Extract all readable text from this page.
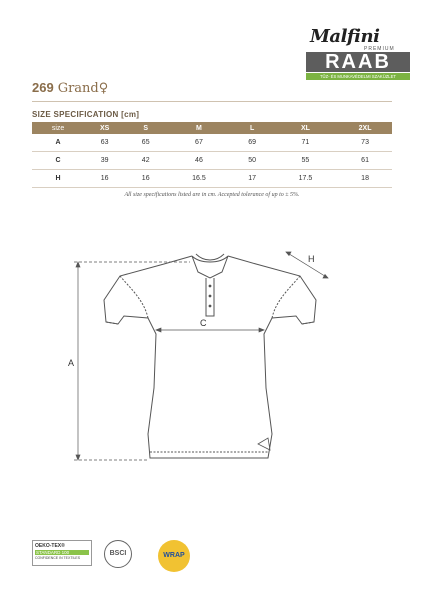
Malfini
PREMIUM
RAAB
TŰZ- ÉS MUNKAVÉDELMI SZAKÜZLET
269 Grand♀
SIZE SPECIFICATION [cm]
size	XS	S	M	L	XL	2XL
A	63	65	67	69	71	73
C	39	42	46	50	55	61
H	16	16	16.5	17	17.5	18
All size specifications listed are in cm. Accepted tolerance of up to ± 5%.
A
C
H
OEKO-TEX®
STANDARD 100
CONFIDENCE IN TEXTILES
BSCI	WRAP
